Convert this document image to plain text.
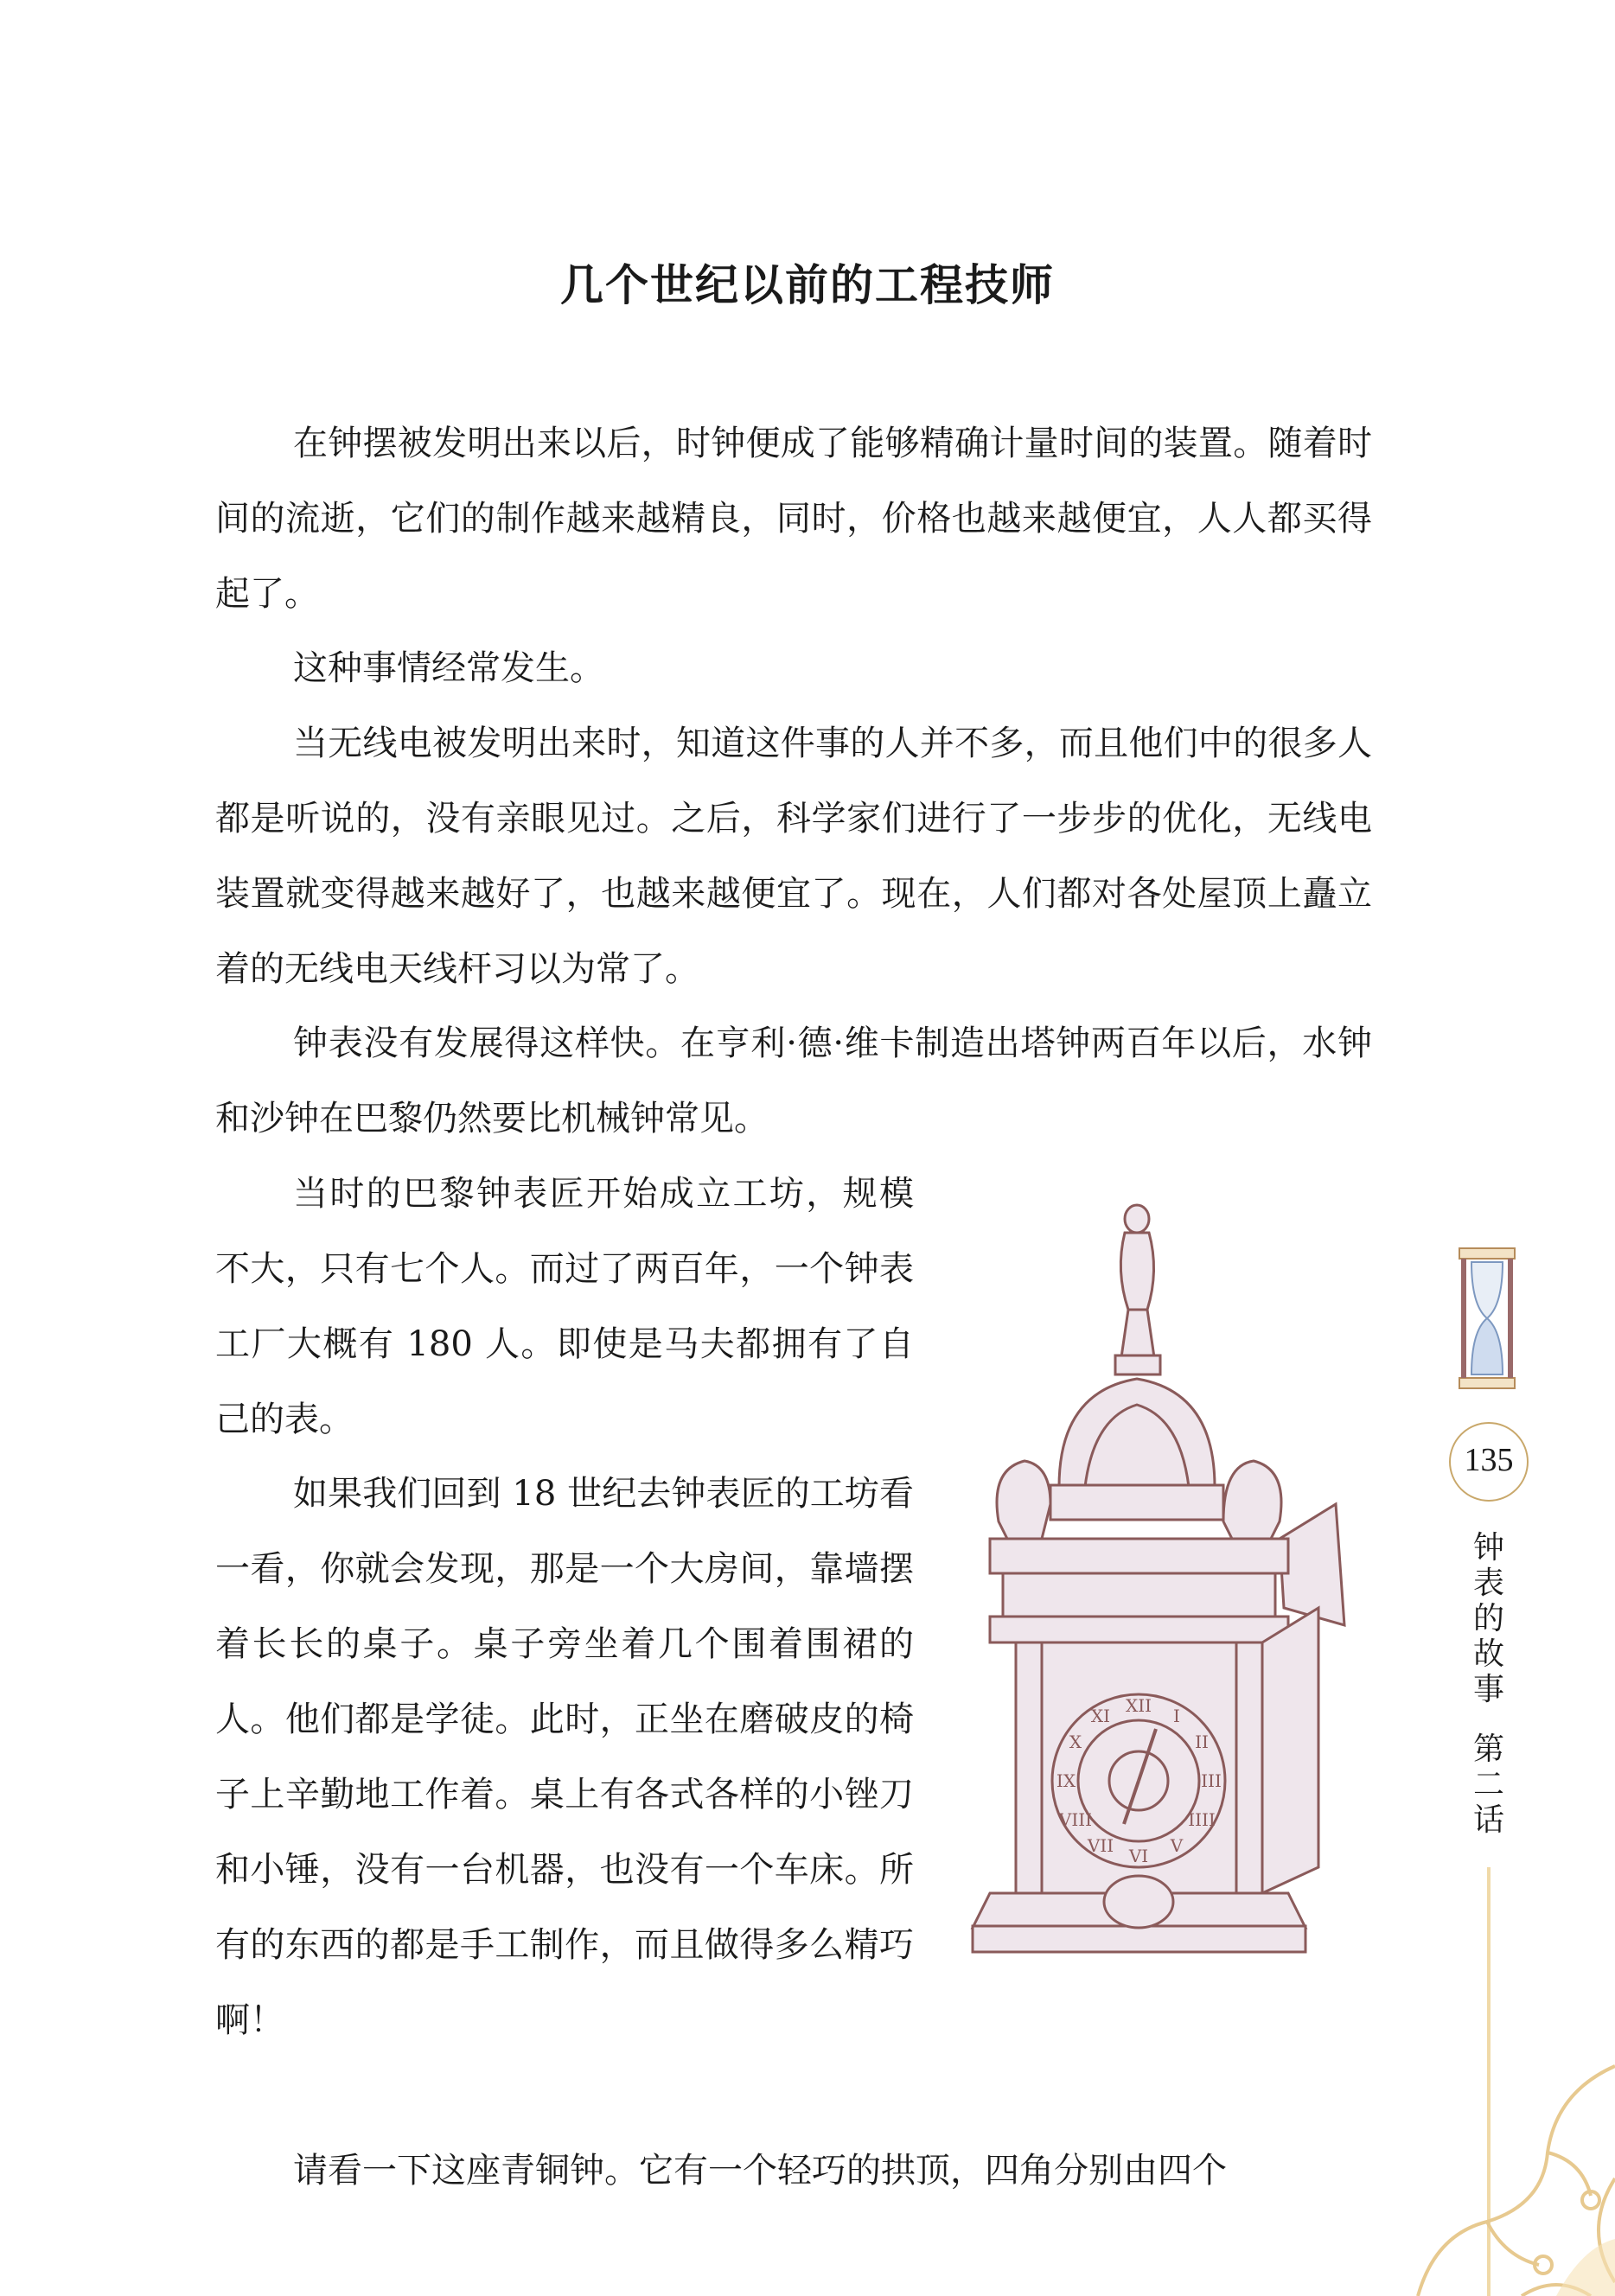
几个世纪以前的工程技师

在钟摆被发明出来以后，时钟便成了能够精确计量时间的装置。随着时间的流逝，它们的制作越来越精良，同时，价格也越来越便宜，人人都买得起了。

这种事情经常发生。

当无线电被发明出来时，知道这件事的人并不多，而且他们中的很多人都是听说的，没有亲眼见过。之后，科学家们进行了一步步的优化，无线电装置就变得越来越好了，也越来越便宜了。现在，人们都对各处屋顶上矗立着的无线电天线杆习以为常了。

钟表没有发展得这样快。在亨利·德·维卡制造出塔钟两百年以后，水钟和沙钟在巴黎仍然要比机械钟常见。

当时的巴黎钟表匠开始成立工坊，规模不大，只有七个人。而过了两百年，一个钟表工厂大概有 180 人。即使是马夫都拥有了自己的表。

如果我们回到 18 世纪去钟表匠的工坊看一看，你就会发现，那是一个大房间，靠墙摆着长长的桌子。桌子旁坐着几个围着围裙的人。他们都是学徒。此时，正坐在磨破皮的椅子上辛勤地工作着。桌上有各式各样的小锉刀和小锤，没有一台机器，也没有一个车床。所有的东西的都是手工制作，而且做得多么精巧啊！

请看一下这座青铜钟。它有一个轻巧的拱顶，四角分别由四个

XII I
II
III
IIII
V
VI
VII
VIII
IX
X
XI
135
钟表的故事
第二话
